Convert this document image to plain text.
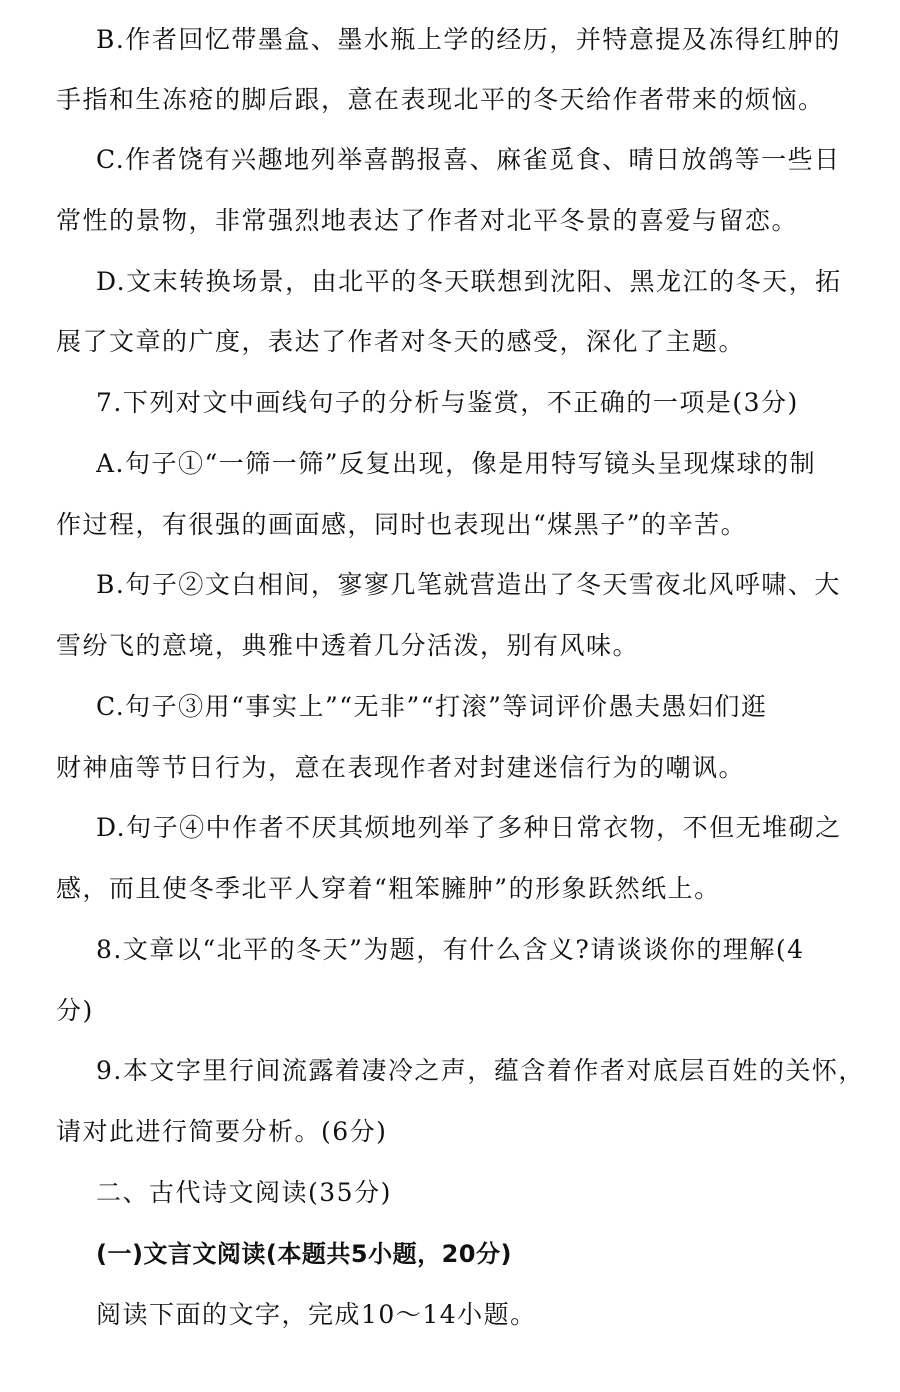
B.作者回忆带墨盒、墨水瓶上学的经历，并特意提及冻得红肿的
手指和生冻疮的脚后跟，意在表现北平的冬天给作者带来的烦恼。
C.作者饶有兴趣地列举喜鹊报喜、麻雀觅食、晴日放鸽等一些日
常性的景物，非常强烈地表达了作者对北平冬景的喜爱与留恋。
D.文末转换场景，由北平的冬天联想到沈阳、黑龙江的冬天，拓
展了文章的广度，表达了作者对冬天的感受，深化了主题。
7.下列对文中画线句子的分析与鉴赏，不正确的一项是(3分)
A.句子①“一筛一筛”反复出现，像是用特写镜头呈现煤球的制
作过程，有很强的画面感，同时也表现出“煤黑子”的辛苦。
B.句子②文白相间，寥寥几笔就营造出了冬天雪夜北风呼啸、大
雪纷飞的意境，典雅中透着几分活泼，别有风味。
C.句子③用“事实上”“无非”“打滚”等词评价愚夫愚妇们逛
财神庙等节日行为，意在表现作者对封建迷信行为的嘲讽。
D.句子④中作者不厌其烦地列举了多种日常衣物，不但无堆砌之
感，而且使冬季北平人穿着“粗笨臃肿”的形象跃然纸上。
8.文章以“北平的冬天”为题，有什么含义?请谈谈你的理解(4
分)
9.本文字里行间流露着凄冷之声，蕴含着作者对底层百姓的关怀，
请对此进行简要分析。(6分)
二、古代诗文阅读(35分)
(一)文言文阅读(本题共5小题，20分)
阅读下面的文字，完成10～14小题。
